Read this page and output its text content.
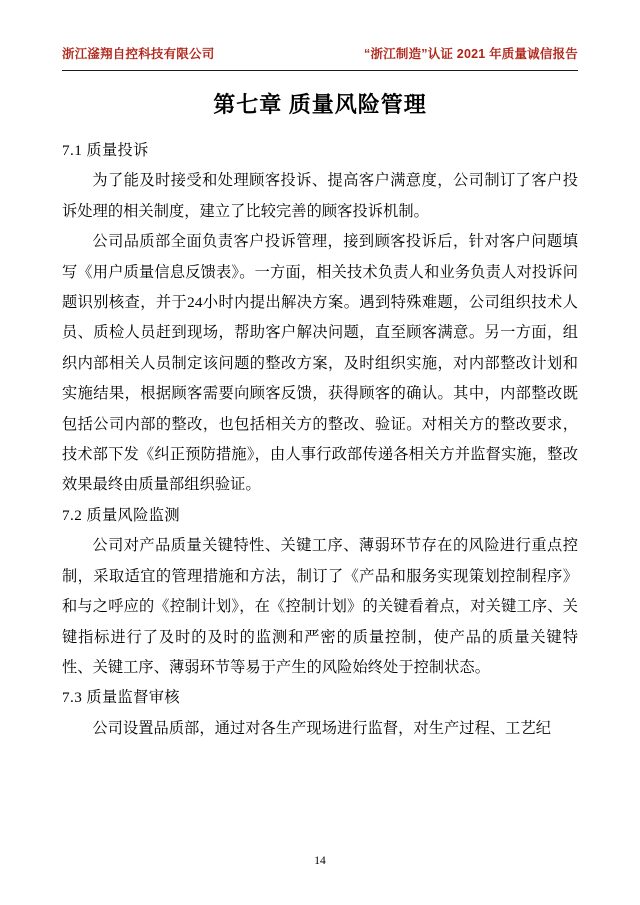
浙江滏翔自控科技有限公司	“浙江制造”认证 2021 年质量诚信报告
第七章 质量风险管理
7.1 质量投诉

为了能及时接受和处理顾客投诉、提高客户满意度，公司制订了客户投诉处理的相关制度，建立了比较完善的顾客投诉机制。

公司品质部全面负责客户投诉管理，接到顾客投诉后，针对客户问题填写《用户质量信息反馈表》。一方面，相关技术负责人和业务负责人对投诉问题识别核查，并于24小时内提出解决方案。遇到特殊难题，公司组织技术人员、质检人员赶到现场，帮助客户解决问题，直至顾客满意。另一方面，组织内部相关人员制定该问题的整改方案，及时组织实施，对内部整改计划和实施结果，根据顾客需要向顾客反馈，获得顾客的确认。其中，内部整改既包括公司内部的整改，也包括相关方的整改、验证。对相关方的整改要求，技术部下发《纠正预防措施》，由人事行政部传递各相关方并监督实施，整改效果最终由质量部组织验证。

7.2 质量风险监测

公司对产品质量关键特性、关键工序、薄弱环节存在的风险进行重点控制，采取适宜的管理措施和方法，制订了《产品和服务实现策划控制程序》和与之呼应的《控制计划》，在《控制计划》的关键看着点，对关键工序、关键指标进行了及时的及时的监测和严密的质量控制，使产品的质量关键特性、关键工序、薄弱环节等易于产生的风险始终处于控制状态。

7.3 质量监督审核

公司设置品质部，通过对各生产现场进行监督，对生产过程、工艺纪

14
